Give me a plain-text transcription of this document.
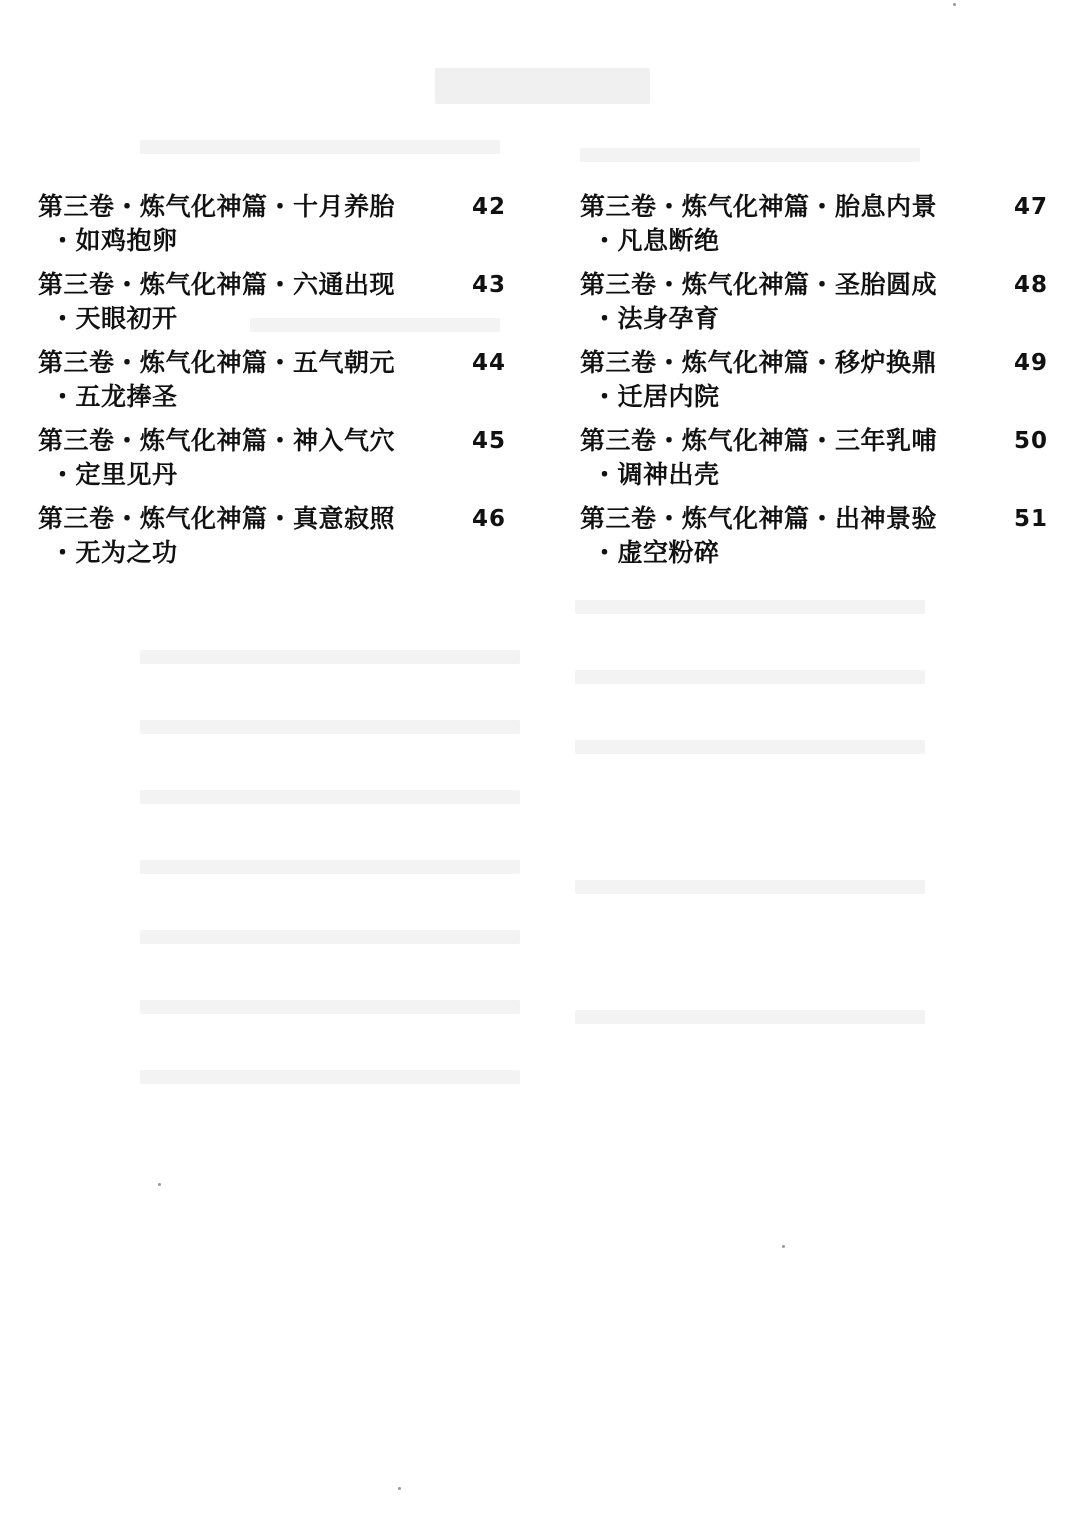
第三卷・炼气化神篇・十月养胎	42
・如鸡抱卵
第三卷・炼气化神篇・六通出现	43
・天眼初开
第三卷・炼气化神篇・五气朝元	44
・五龙捧圣
第三卷・炼气化神篇・神入气穴	45
・定里见丹
第三卷・炼气化神篇・真意寂照	46
・无为之功
第三卷・炼气化神篇・胎息内景	47
・凡息断绝
第三卷・炼气化神篇・圣胎圆成	48
・法身孕育
第三卷・炼气化神篇・移炉换鼎	49
・迁居内院
第三卷・炼气化神篇・三年乳哺	50
・调神出壳
第三卷・炼气化神篇・出神景验	51
・虚空粉碎
